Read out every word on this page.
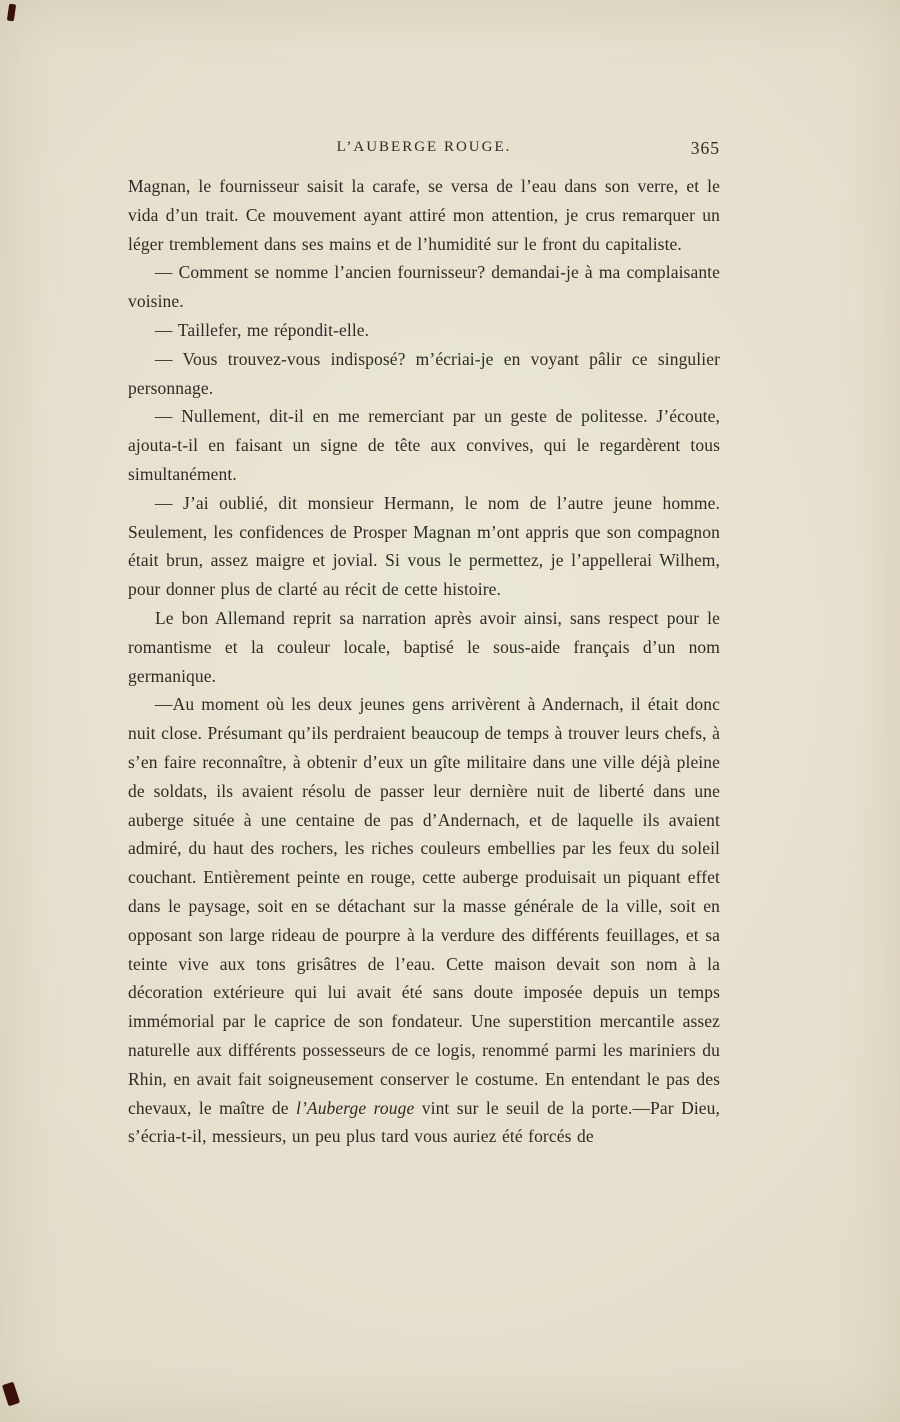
L’AUBERGE ROUGE.	365

Magnan, le fournisseur saisit la carafe, se versa de l’eau dans son verre, et le vida d’un trait. Ce mouvement ayant attiré mon attention, je crus remarquer un léger tremblement dans ses mains et de l’humidité sur le front du capitaliste.

— Comment se nomme l’ancien fournisseur? demandai-je à ma complaisante voisine.

— Taillefer, me répondit-elle.

— Vous trouvez-vous indisposé? m’écriai-je en voyant pâlir ce singulier personnage.

— Nullement, dit-il en me remerciant par un geste de politesse. J’écoute, ajouta-t-il en faisant un signe de tête aux convives, qui le regardèrent tous simultanément.

— J’ai oublié, dit monsieur Hermann, le nom de l’autre jeune homme. Seulement, les confidences de Prosper Magnan m’ont appris que son compagnon était brun, assez maigre et jovial. Si vous le permettez, je l’appellerai Wilhem, pour donner plus de clarté au récit de cette histoire.

Le bon Allemand reprit sa narration après avoir ainsi, sans respect pour le romantisme et la couleur locale, baptisé le sous-aide français d’un nom germanique.

—Au moment où les deux jeunes gens arrivèrent à Andernach, il était donc nuit close. Présumant qu’ils perdraient beaucoup de temps à trouver leurs chefs, à s’en faire reconnaître, à obtenir d’eux un gîte militaire dans une ville déjà pleine de soldats, ils avaient résolu de passer leur dernière nuit de liberté dans une auberge située à une centaine de pas d’Andernach, et de laquelle ils avaient admiré, du haut des rochers, les riches couleurs embellies par les feux du soleil couchant. Entièrement peinte en rouge, cette auberge produisait un piquant effet dans le paysage, soit en se détachant sur la masse générale de la ville, soit en opposant son large rideau de pourpre à la verdure des différents feuillages, et sa teinte vive aux tons grisâtres de l’eau. Cette maison devait son nom à la décoration extérieure qui lui avait été sans doute imposée depuis un temps immémorial par le caprice de son fondateur. Une superstition mercantile assez naturelle aux différents possesseurs de ce logis, renommé parmi les mariniers du Rhin, en avait fait soigneusement conserver le costume. En entendant le pas des chevaux, le maître de l’Auberge rouge vint sur le seuil de la porte.—Par Dieu, s’écria-t-il, messieurs, un peu plus tard vous auriez été forcés de
